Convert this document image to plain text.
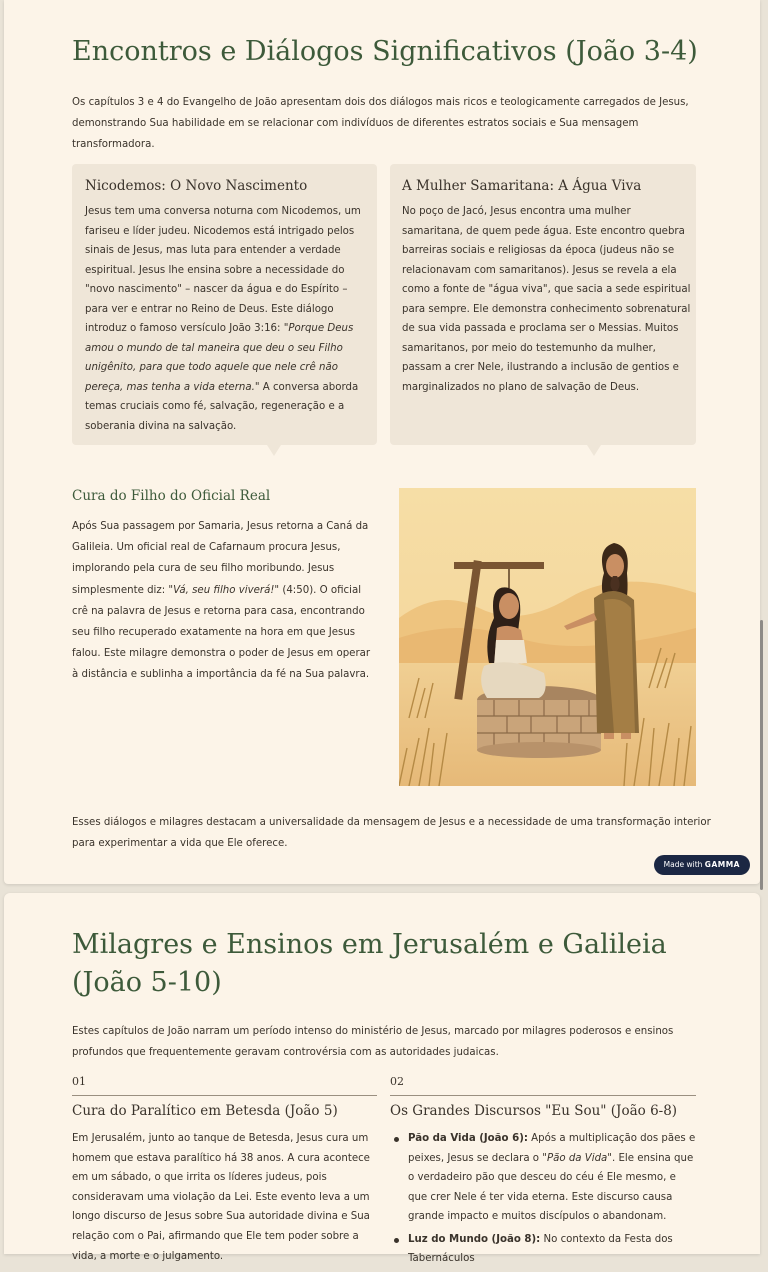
Encontros e Diálogos Significativos (João 3-4)

Os capítulos 3 e 4 do Evangelho de João apresentam dois dos diálogos mais ricos e teologicamente carregados de Jesus, demonstrando Sua habilidade em se relacionar com indivíduos de diferentes estratos sociais e Sua mensagem transformadora.

Nicodemos: O Novo Nascimento

Jesus tem uma conversa noturna com Nicodemos, um fariseu e líder judeu. Nicodemos está intrigado pelos sinais de Jesus, mas luta para entender a verdade espiritual. Jesus lhe ensina sobre a necessidade do "novo nascimento" – nascer da água e do Espírito – para ver e entrar no Reino de Deus. Este diálogo introduz o famoso versículo João 3:16: "Porque Deus amou o mundo de tal maneira que deu o seu Filho unigênito, para que todo aquele que nele crê não pereça, mas tenha a vida eterna." A conversa aborda temas cruciais como fé, salvação, regeneração e a soberania divina na salvação.

A Mulher Samaritana: A Água Viva

No poço de Jacó, Jesus encontra uma mulher samaritana, de quem pede água. Este encontro quebra barreiras sociais e religiosas da época (judeus não se relacionavam com samaritanos). Jesus se revela a ela como a fonte de "água viva", que sacia a sede espiritual para sempre. Ele demonstra conhecimento sobrenatural de sua vida passada e proclama ser o Messias. Muitos samaritanos, por meio do testemunho da mulher, passam a crer Nele, ilustrando a inclusão de gentios e marginalizados no plano de salvação de Deus.

Cura do Filho do Oficial Real

Após Sua passagem por Samaria, Jesus retorna a Caná da Galileia. Um oficial real de Cafarnaum procura Jesus, implorando pela cura de seu filho moribundo. Jesus simplesmente diz: "Vá, seu filho viverá!" (4:50). O oficial crê na palavra de Jesus e retorna para casa, encontrando seu filho recuperado exatamente na hora em que Jesus falou. Este milagre demonstra o poder de Jesus em operar à distância e sublinha a importância da fé na Sua palavra.

Esses diálogos e milagres destacam a universalidade da mensagem de Jesus e a necessidade de uma transformação interior para experimentar a vida que Ele oferece.

Made with GAMMA
Milagres e Ensinos em Jerusalém e Galileia
(João 5-10)

Estes capítulos de João narram um período intenso do ministério de Jesus, marcado por milagres poderosos e ensinos profundos que frequentemente geravam controvérsia com as autoridades judaicas.

01
Cura do Paralítico em Betesda (João 5)

Em Jerusalém, junto ao tanque de Betesda, Jesus cura um homem que estava paralítico há 38 anos. A cura acontece em um sábado, o que irrita os líderes judeus, pois consideravam uma violação da Lei. Este evento leva a um longo discurso de Jesus sobre Sua autoridade divina e Sua relação com o Pai, afirmando que Ele tem poder sobre a vida, a morte e o julgamento.

02
Os Grandes Discursos "Eu Sou" (João 6-8)
Pão da Vida (João 6): Após a multiplicação dos pães e peixes, Jesus se declara o "Pão da Vida". Ele ensina que o verdadeiro pão que desceu do céu é Ele mesmo, e que crer Nele é ter vida eterna. Este discurso causa grande impacto e muitos discípulos o abandonam.
Luz do Mundo (João 8): No contexto da Festa dos Tabernáculos
